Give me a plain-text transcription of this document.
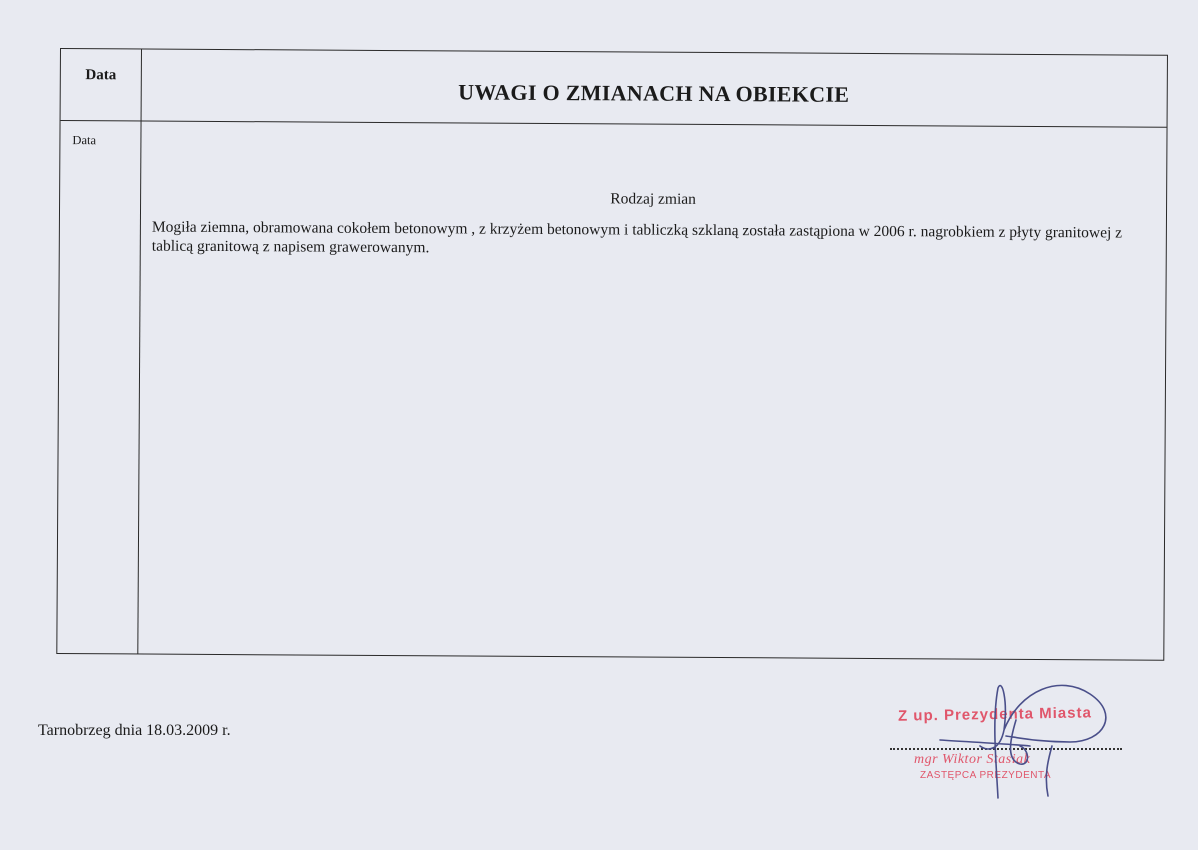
Data
UWAGI O ZMIANACH NA OBIEKCIE
Data
Rodzaj zmian
Mogiła ziemna, obramowana cokołem betonowym , z krzyżem betonowym i tabliczką szklaną została zastąpiona w 2006 r. nagrobkiem z płyty granitowej z tablicą granitową z napisem grawerowanym.
Tarnobrzeg dnia 18.03.2009 r.
Z up. Prezydenta Miasta
mgr Wiktor Stasiak
ZASTĘPCA PREZYDENTA
